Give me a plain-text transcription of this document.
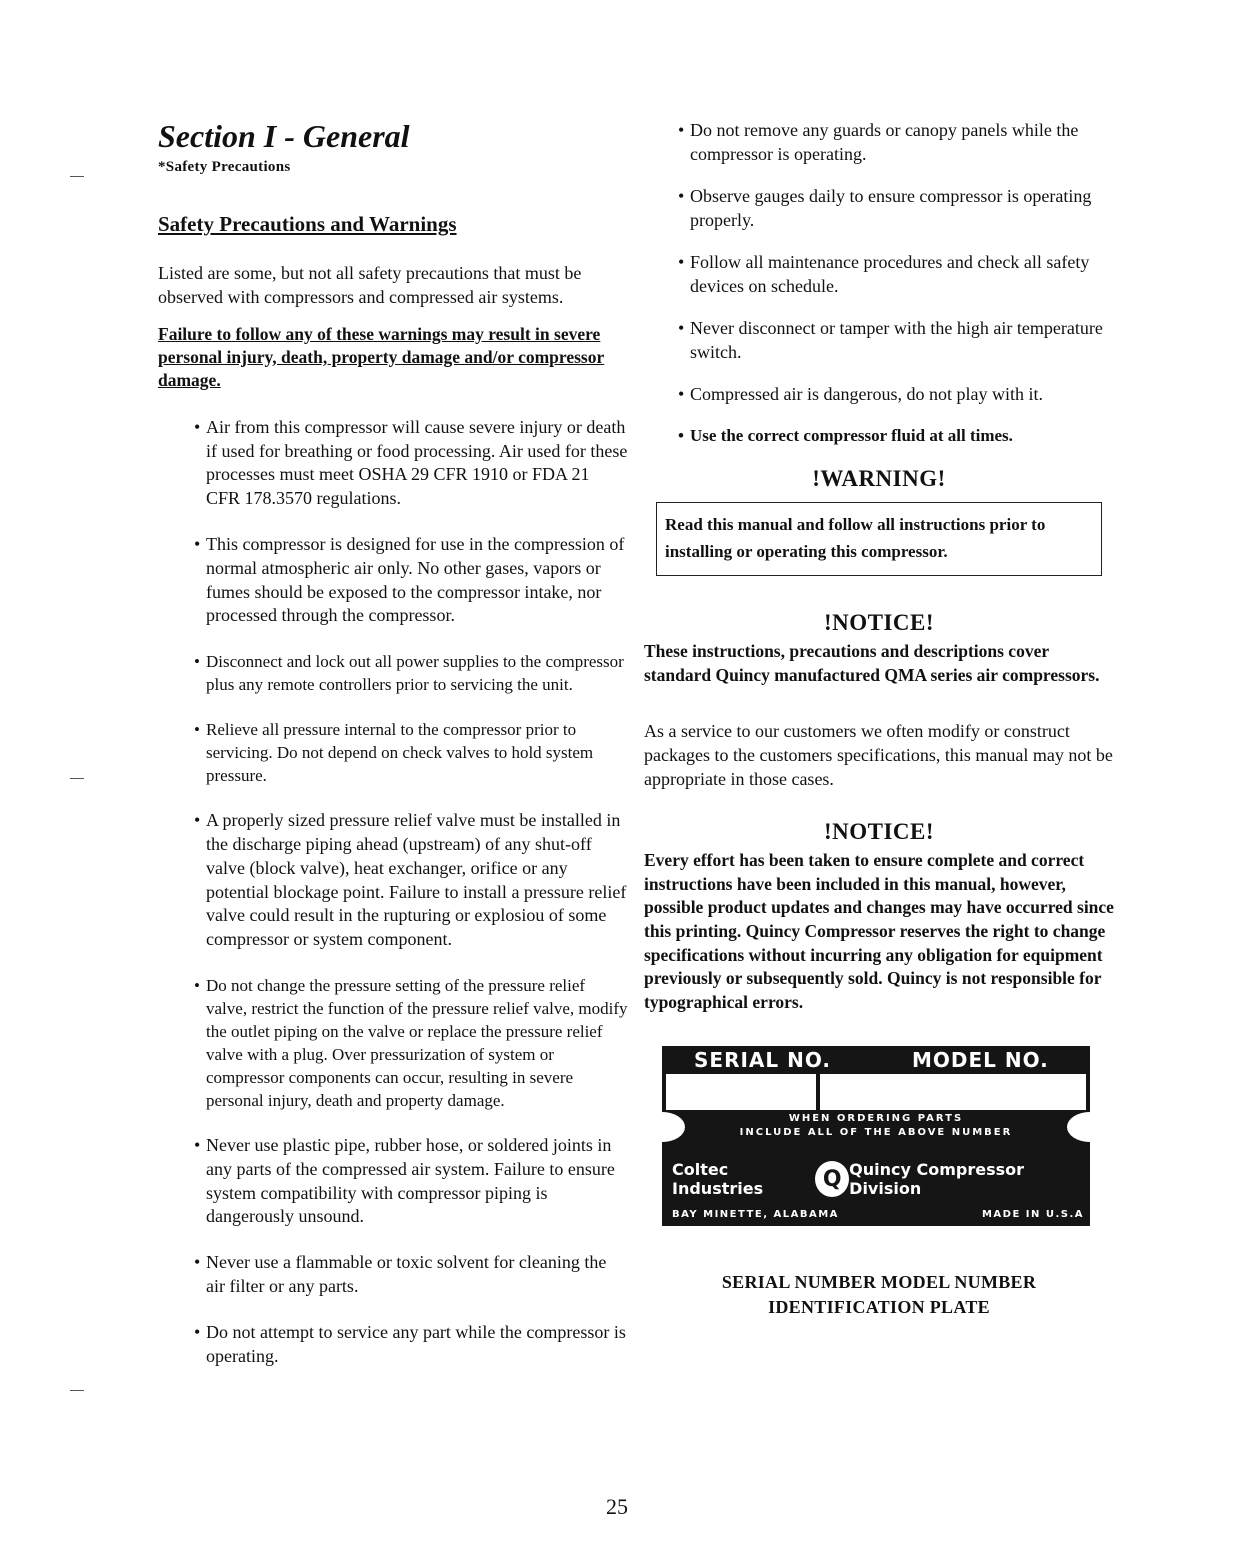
Section I - General
*Safety Precautions
Safety Precautions and Warnings
Listed are some, but not all safety precautions that must be observed with compressors and compressed air systems.
Failure to follow any of these warnings may result in severe personal injury, death, property damage and/or compressor damage.
• Air from this compressor will cause severe injury or death if used for breathing or food processing. Air used for these processes must meet OSHA 29 CFR 1910 or FDA 21 CFR 178.3570 regulations.
• This compressor is designed for use in the compression of normal atmospheric air only. No other gases, vapors or fumes should be exposed to the compressor intake, nor processed through the compressor.
• Disconnect and lock out all power supplies to the compressor plus any remote controllers prior to servicing the unit.
• Relieve all pressure internal to the compressor prior to servicing. Do not depend on check valves to hold system pressure.
• A properly sized pressure relief valve must be installed in the discharge piping ahead (upstream) of any shut-off valve (block valve), heat exchanger, orifice or any potential blockage point. Failure to install a pressure relief valve could result in the rupturing or explosiou of some compressor or system component.
• Do not change the pressure setting of the pressure relief valve, restrict the function of the pressure relief valve, modify the outlet piping on the valve or replace the pressure relief valve with a plug. Over pressurization of system or compressor components can occur, resulting in severe personal injury, death and property damage.
• Never use plastic pipe, rubber hose, or soldered joints in any parts of the compressed air system. Failure to ensure system compatibility with compressor piping is dangerously unsound.
• Never use a flammable or toxic solvent for cleaning the air filter or any parts.
• Do not attempt to service any part while the compressor is operating.
• Do not remove any guards or canopy panels while the compressor is operating.
• Observe gauges daily to ensure compressor is operating properly.
• Follow all maintenance procedures and check all safety devices on schedule.
• Never disconnect or tamper with the high air temperature switch.
• Compressed air is dangerous, do not play with it.
• Use the correct compressor fluid at all times.
!WARNING!
Read this manual and follow all instructions prior to installing or operating this compressor.
!NOTICE!
These instructions, precautions and descriptions cover standard Quincy manufactured QMA series air compressors.
As a service to our customers we often modify or construct packages to the customers specifications, this manual may not be appropriate in those cases.
!NOTICE!
Every effort has been taken to ensure complete and correct instructions have been included in this manual, however, possible product updates and changes may have occurred since this printing. Quincy Compressor reserves the right to change specifications without incurring any obligation for equipment previously or subsequently sold. Quincy is not responsible for typographical errors.
SERIAL NO.	MODEL NO.
WHEN ORDERING PARTS
INCLUDE ALL OF THE ABOVE NUMBER
Coltec Industries	Q Quincy Compressor Division
BAY MINETTE, ALABAMA	MADE IN U.S.A
SERIAL NUMBER MODEL NUMBER
IDENTIFICATION PLATE
25
